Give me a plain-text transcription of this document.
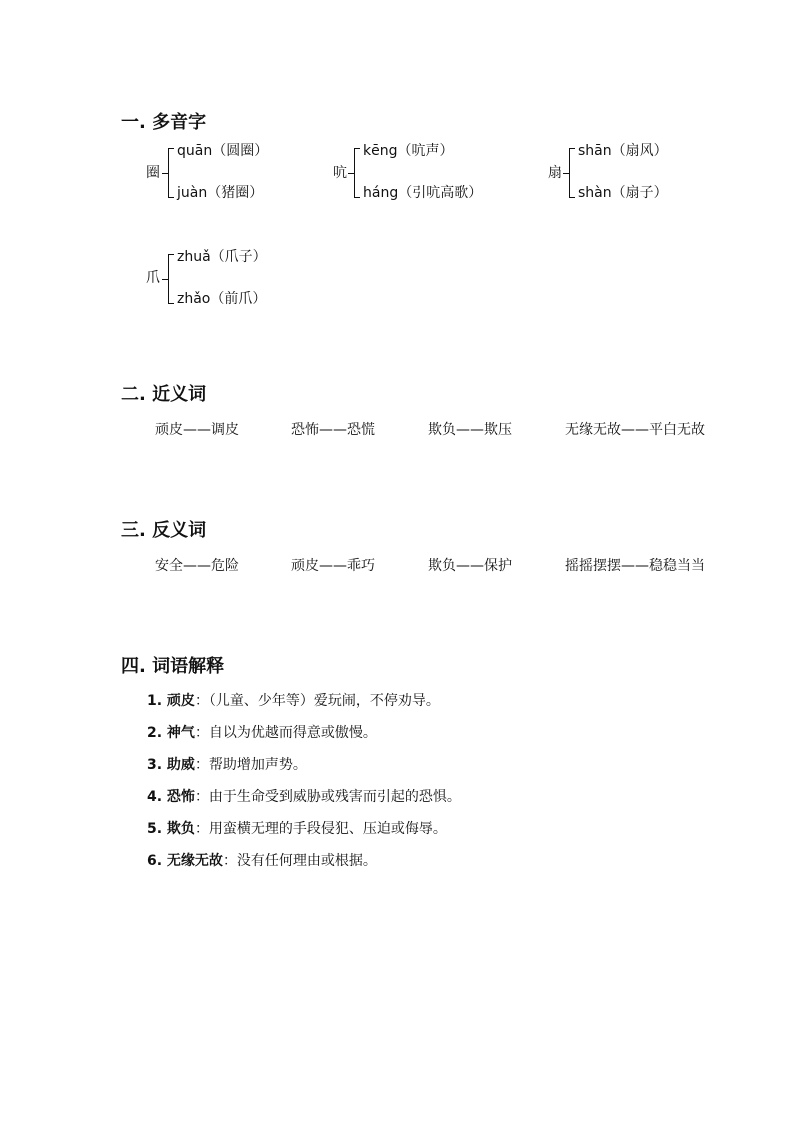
一. 多音字
圈
quān（圆圈）
juàn（猪圈）
吭
kēng（吭声）
háng（引吭高歌）
扇
shān（扇风）
shàn（扇子）
爪
zhuǎ（爪子）
zhǎo（前爪）
二. 近义词
顽皮——调皮	恐怖——恐慌	欺负——欺压	无缘无故——平白无故
三. 反义词
安全——危险	顽皮——乖巧	欺负——保护	摇摇摆摆——稳稳当当
四. 词语解释
1. 顽皮：（儿童、少年等）爱玩闹，不停劝导。
2. 神气：自以为优越而得意或傲慢。
3. 助威：帮助增加声势。
4. 恐怖：由于生命受到威胁或残害而引起的恐惧。
5. 欺负：用蛮横无理的手段侵犯、压迫或侮辱。
6. 无缘无故：没有任何理由或根据。
